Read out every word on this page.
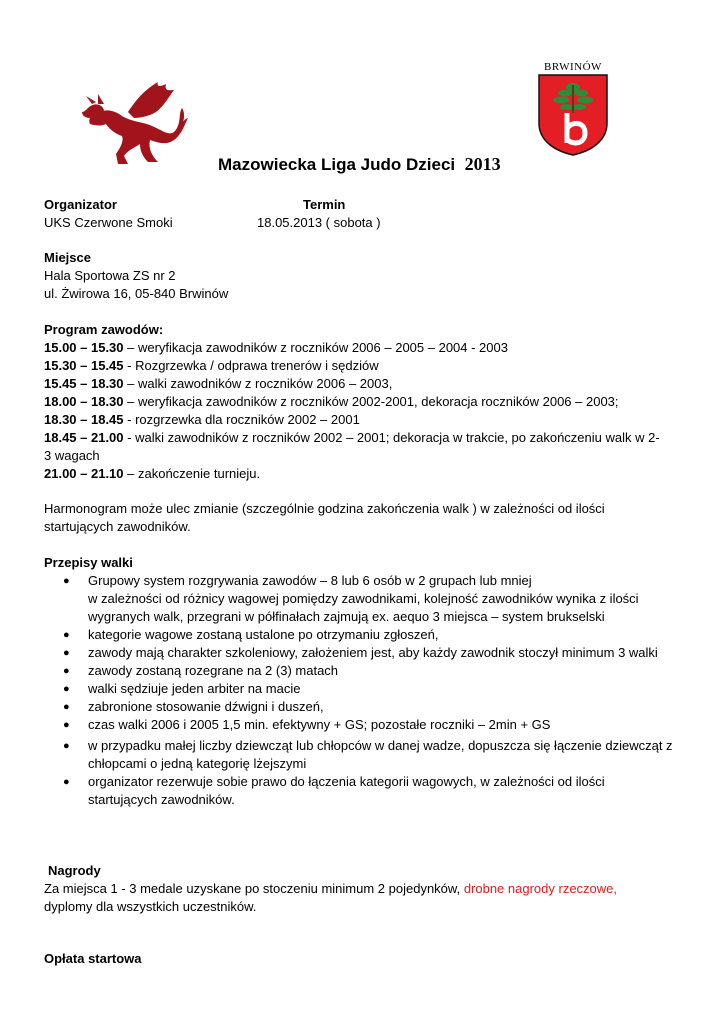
BRWINÓW
Mazowiecka Liga Judo Dzieci 2013
Organizator	Termin
UKS Czerwone Smoki	18.05.2013 ( sobota )
Miejsce
Hala Sportowa ZS nr 2
ul. Żwirowa 16, 05-840 Brwinów
Program zawodów:
15.00 – 15.30 – weryfikacja zawodników z roczników 2006 – 2005 – 2004 - 2003
15.30 – 15.45 - Rozgrzewka / odprawa trenerów i sędziów
15.45 – 18.30 – walki zawodników z roczników 2006 – 2003,
18.00 – 18.30 – weryfikacja zawodników z roczników 2002-2001, dekoracja roczników 2006 – 2003;
18.30 – 18.45 - rozgrzewka dla roczników 2002 – 2001
18.45 – 21.00 - walki zawodników z roczników 2002 – 2001; dekoracja w trakcie, po zakończeniu walk w 2-
3 wagach
21.00 – 21.10 – zakończenie turnieju.
Harmonogram może ulec zmianie (szczególnie godzina zakończenia walk ) w zależności od ilości
startujących zawodników.
Przepisy walki
● Grupowy system rozgrywania zawodów – 8 lub 6 osób w 2 grupach lub mniej
w zależności od różnicy wagowej pomiędzy zawodnikami, kolejność zawodników wynika z ilości
wygranych walk, przegrani w półfinałach zajmują ex. aequo 3 miejsca – system brukselski
● kategorie wagowe zostaną ustalone po otrzymaniu zgłoszeń,
● zawody mają charakter szkoleniowy, założeniem jest, aby każdy zawodnik stoczył minimum 3 walki
● zawody zostaną rozegrane na 2 (3) matach
● walki sędziuje jeden arbiter na macie
● zabronione stosowanie dźwigni i duszeń,
● czas walki 2006 i 2005 1,5 min. efektywny + GS; pozostałe roczniki – 2min + GS
● w przypadku małej liczby dziewcząt lub chłopców w danej wadze, dopuszcza się łączenie dziewcząt z
chłopcami o jedną kategorię lżejszymi
● organizator rezerwuje sobie prawo do łączenia kategorii wagowych, w zależności od ilości
startujących zawodników.
Nagrody
Za miejsca 1 - 3 medale uzyskane po stoczeniu minimum 2 pojedynków, drobne nagrody rzeczowe,
dyplomy dla wszystkich uczestników.
Opłata startowa
